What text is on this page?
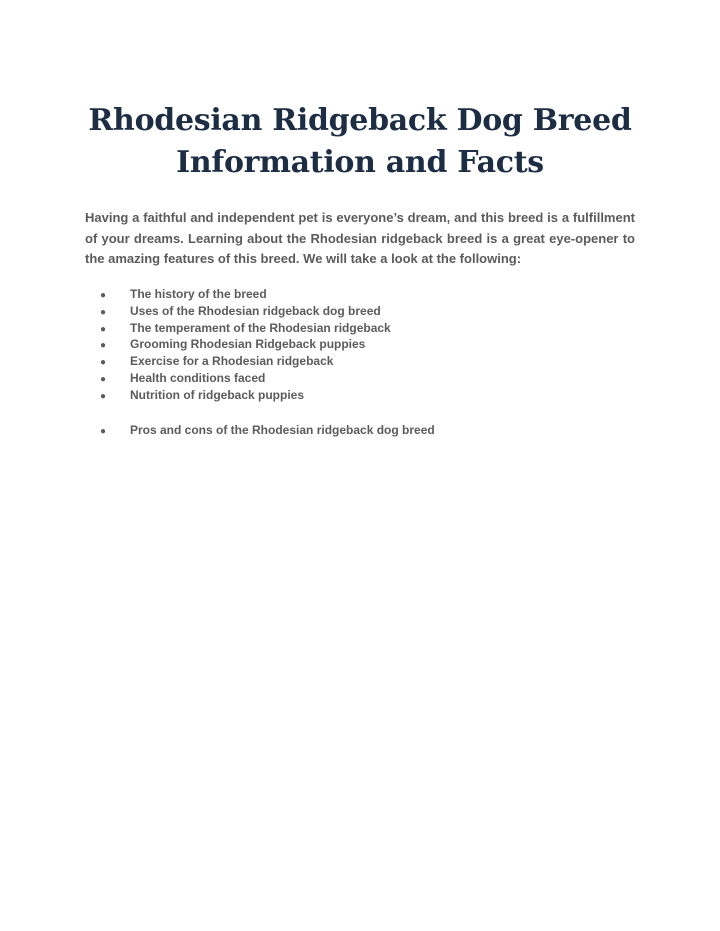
Rhodesian Ridgeback Dog Breed
Information and Facts

Having a faithful and independent pet is everyone’s dream, and this breed is a fulfillment of your dreams. Learning about the Rhodesian ridgeback breed is a great eye-opener to the amazing features of this breed. We will take a look at the following:

● The history of the breed
● Uses of the Rhodesian ridgeback dog breed
● The temperament of the Rhodesian ridgeback
● Grooming Rhodesian Ridgeback puppies
● Exercise for a Rhodesian ridgeback
● Health conditions faced
● Nutrition of ridgeback puppies
● Pros and cons of the Rhodesian ridgeback dog breed
